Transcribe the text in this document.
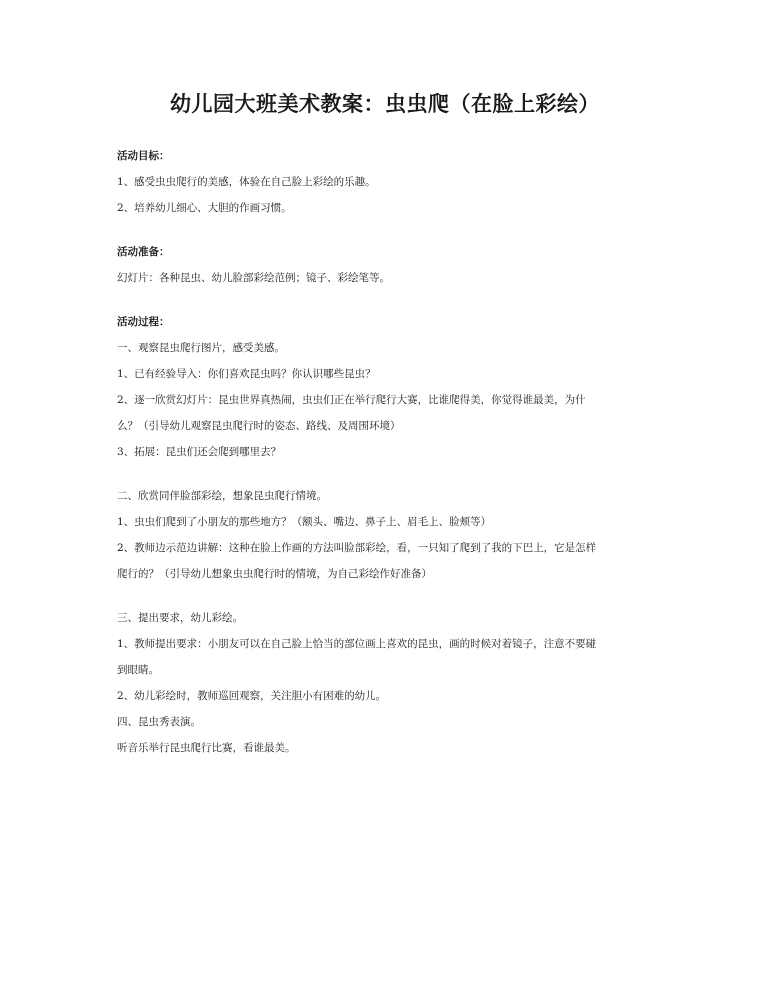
幼儿园大班美术教案：虫虫爬（在脸上彩绘）

活动目标：

1、感受虫虫爬行的美感，体验在自己脸上彩绘的乐趣。

2、培养幼儿细心、大胆的作画习惯。

活动准备：

幻灯片：各种昆虫、幼儿脸部彩绘范例；镜子、彩绘笔等。

活动过程：

一、观察昆虫爬行图片，感受美感。

1、已有经验导入：你们喜欢昆虫吗？你认识哪些昆虫？

2、逐一欣赏幻灯片：昆虫世界真热闹，虫虫们正在举行爬行大赛，比谁爬得美，你觉得谁最美，为什

么？（引导幼儿观察昆虫爬行时的姿态、路线、及周围环境）

3、拓展：昆虫们还会爬到哪里去？

二、欣赏同伴脸部彩绘，想象昆虫爬行情境。

1、虫虫们爬到了小朋友的那些地方？（额头、嘴边、鼻子上、眉毛上、脸颊等）

2、教师边示范边讲解：这种在脸上作画的方法叫脸部彩绘，看，一只知了爬到了我的下巴上，它是怎样

爬行的？（引导幼儿想象虫虫爬行时的情境，为自己彩绘作好准备）

三、提出要求，幼儿彩绘。

1、教师提出要求：小朋友可以在自己脸上恰当的部位画上喜欢的昆虫，画的时候对着镜子，注意不要碰

到眼睛。

2、幼儿彩绘时，教师巡回观察，关注胆小有困难的幼儿。

四、昆虫秀表演。

听音乐举行昆虫爬行比赛，看谁最美。
